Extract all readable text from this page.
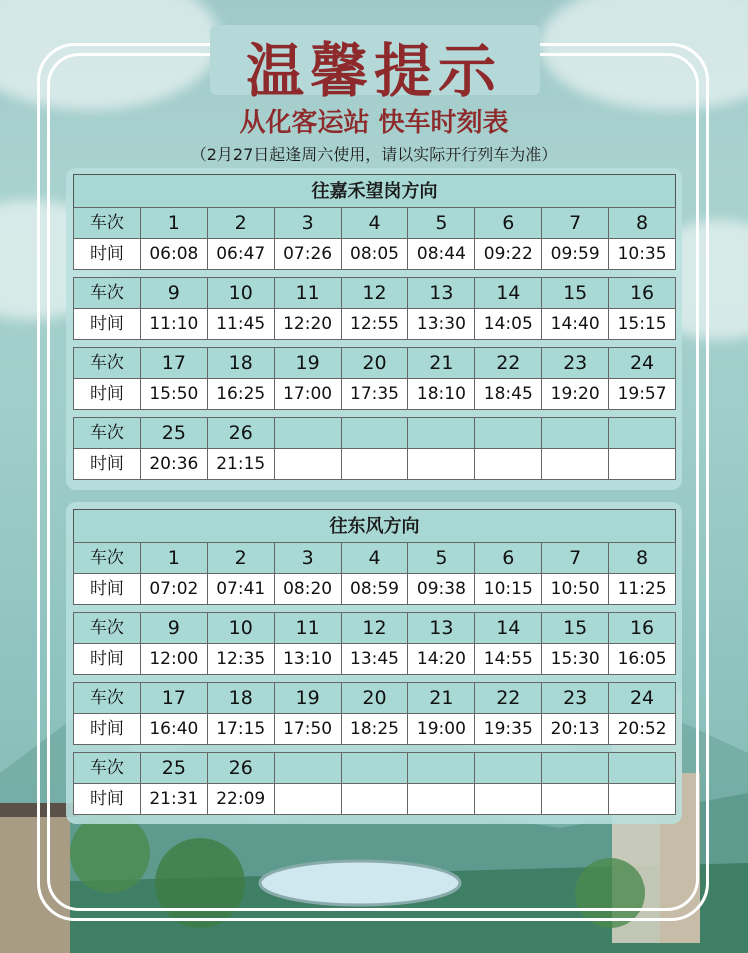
温馨提示
从化客运站 快车时刻表
（2月27日起逢周六使用，请以实际开行列车为准）
往嘉禾望岗方向
车次	1	2	3	4	5	6	7	8
时间	06:08	06:47	07:26	08:05	08:44	09:22	09:59	10:35
车次	9	10	11	12	13	14	15	16
时间	11:10	11:45	12:20	12:55	13:30	14:05	14:40	15:15
车次	17	18	19	20	21	22	23	24
时间	15:50	16:25	17:00	17:35	18:10	18:45	19:20	19:57
车次	25	26
时间	20:36	21:15
往东风方向
车次	1	2	3	4	5	6	7	8
时间	07:02	07:41	08:20	08:59	09:38	10:15	10:50	11:25
车次	9	10	11	12	13	14	15	16
时间	12:00	12:35	13:10	13:45	14:20	14:55	15:30	16:05
车次	17	18	19	20	21	22	23	24
时间	16:40	17:15	17:50	18:25	19:00	19:35	20:13	20:52
车次	25	26
时间	21:31	22:09
